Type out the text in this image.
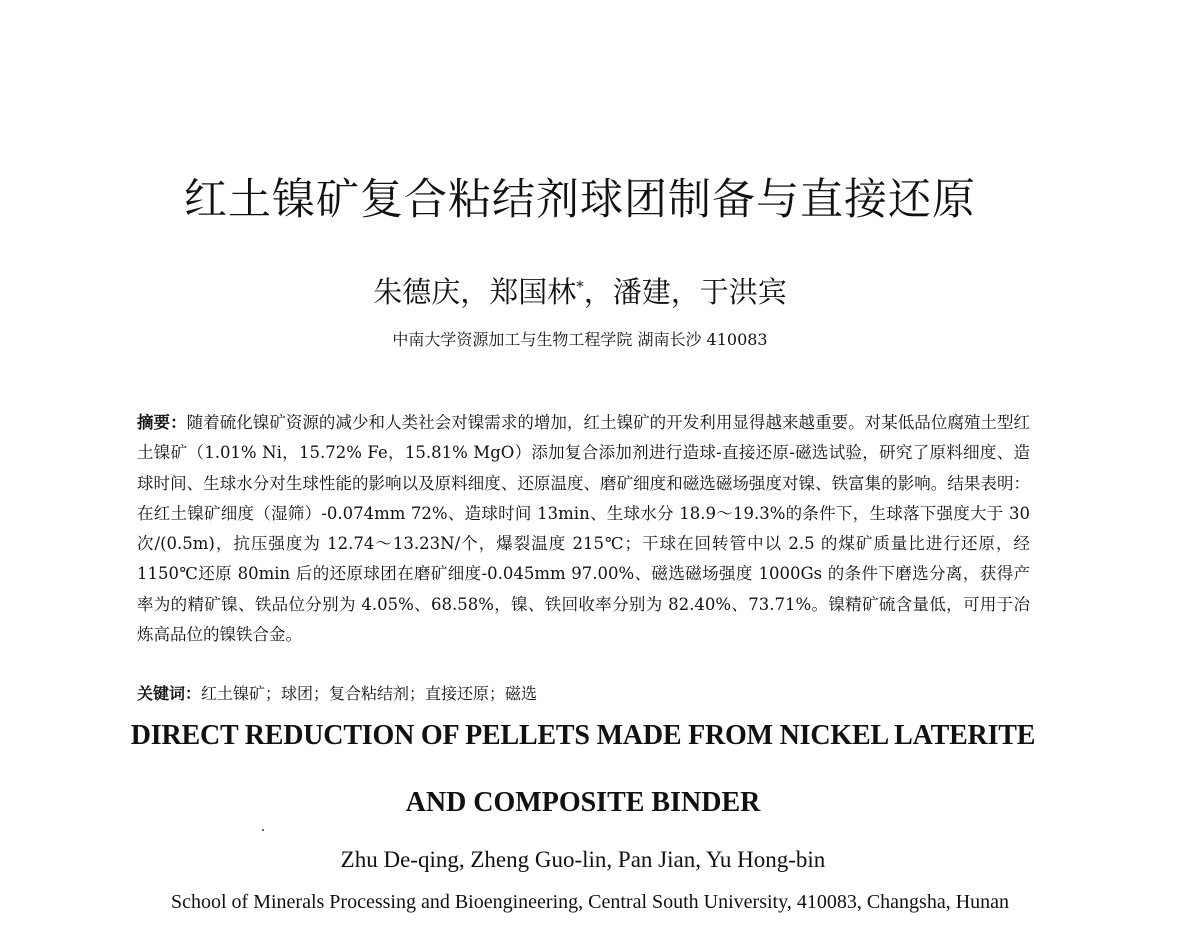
红土镍矿复合粘结剂球团制备与直接还原

朱德庆，郑国林*，潘建，于洪宾

中南大学资源加工与生物工程学院 湖南长沙 410083

摘要：随着硫化镍矿资源的减少和人类社会对镍需求的增加，红土镍矿的开发利用显得越来越重要。对某低品位腐殖土型红土镍矿（1.01% Ni，15.72% Fe，15.81% MgO）添加复合添加剂进行造球-直接还原-磁选试验，研究了原料细度、造球时间、生球水分对生球性能的影响以及原料细度、还原温度、磨矿细度和磁选磁场强度对镍、铁富集的影响。结果表明：在红土镍矿细度（湿筛）-0.074mm 72%、造球时间 13min、生球水分 18.9～19.3%的条件下，生球落下强度大于 30 次/(0.5m)，抗压强度为 12.74～13.23N/个，爆裂温度 215℃；干球在回转管中以 2.5 的煤矿质量比进行还原，经 1150℃还原 80min 后的还原球团在磨矿细度-0.045mm 97.00%、磁选磁场强度 1000Gs 的条件下磨选分离，获得产率为的精矿镍、铁品位分别为 4.05%、68.58%，镍、铁回收率分别为 82.40%、73.71%。镍精矿硫含量低，可用于冶炼高品位的镍铁合金。

关键词：红土镍矿；球团；复合粘结剂；直接还原；磁选

DIRECT REDUCTION OF PELLETS MADE FROM NICKEL LATERITE
AND COMPOSITE BINDER

Zhu De-qing, Zheng Guo-lin, Pan Jian, Yu Hong-bin

School of Minerals Processing and Bioengineering, Central South University, 410083, Changsha, Hunan
